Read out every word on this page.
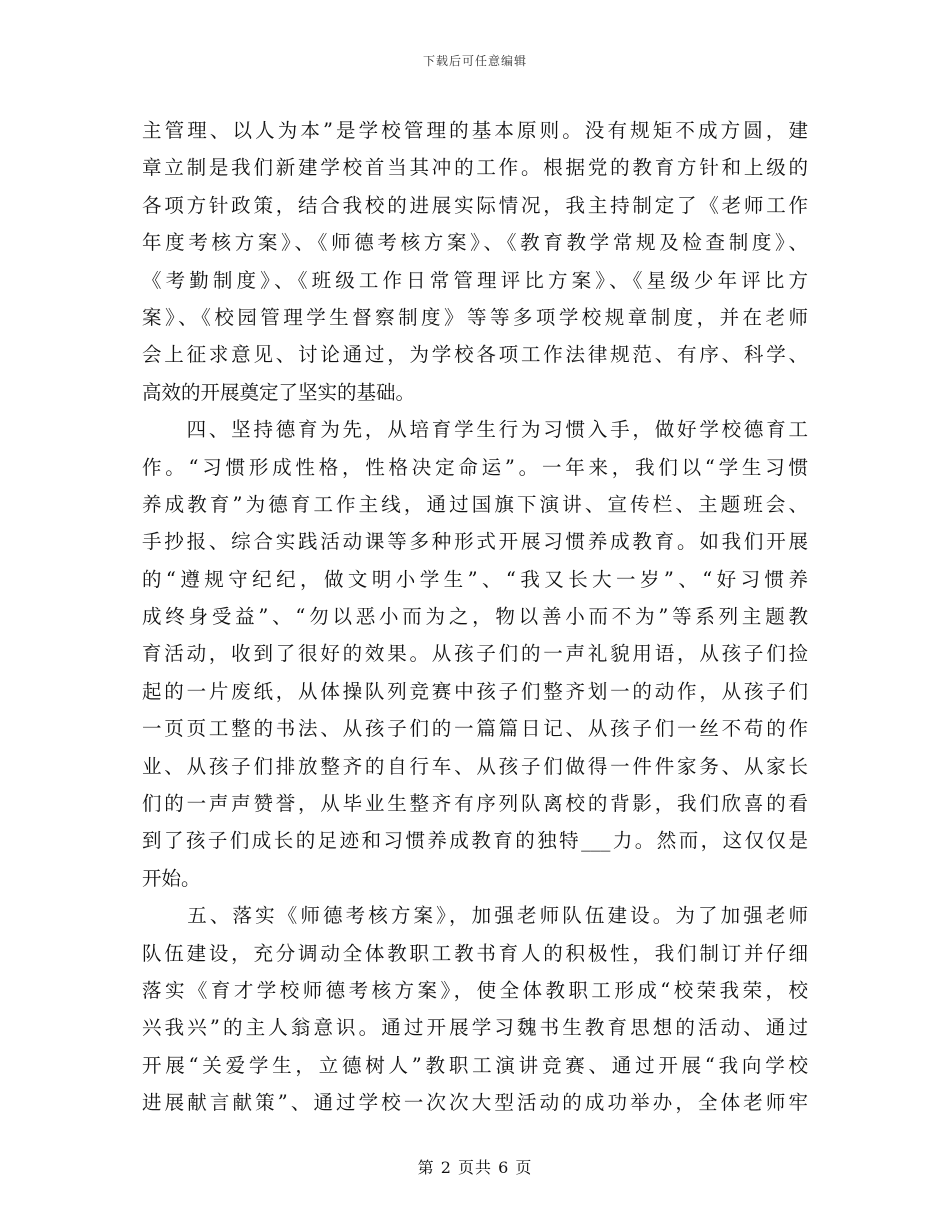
下载后可任意编辑
主管理、以人为本”是学校管理的基本原则。没有规矩不成方圆，建
章立制是我们新建学校首当其冲的工作。根据党的教育方针和上级的
各项方针政策，结合我校的进展实际情况，我主持制定了《老师工作
年度考核方案》、《师德考核方案》、《教育教学常规及检查制度》、
《考勤制度》、《班级工作日常管理评比方案》、《星级少年评比方
案》、《校园管理学生督察制度》等等多项学校规章制度，并在老师
会上征求意见、讨论通过，为学校各项工作法律规范、有序、科学、
高效的开展奠定了坚实的基础。
　　四、坚持德育为先，从培育学生行为习惯入手，做好学校德育工
作。“习惯形成性格，性格决定命运”。一年来，我们以“学生习惯
养成教育”为德育工作主线，通过国旗下演讲、宣传栏、主题班会、
手抄报、综合实践活动课等多种形式开展习惯养成教育。如我们开展
的“遵规守纪纪，做文明小学生”、“我又长大一岁”、“好习惯养
成终身受益”、“勿以恶小而为之，物以善小而不为”等系列主题教
育活动，收到了很好的效果。从孩子们的一声礼貌用语，从孩子们捡
起的一片废纸，从体操队列竞赛中孩子们整齐划一的动作，从孩子们
一页页工整的书法、从孩子们的一篇篇日记、从孩子们一丝不苟的作
业、从孩子们排放整齐的自行车、从孩子们做得一件件家务、从家长
们的一声声赞誉，从毕业生整齐有序列队离校的背影，我们欣喜的看
到了孩子们成长的足迹和习惯养成教育的独特___力。然而，这仅仅是
开始。
　　五、落实《师德考核方案》，加强老师队伍建设。为了加强老师
队伍建设，充分调动全体教职工教书育人的积极性，我们制订并仔细
落实《育才学校师德考核方案》，使全体教职工形成“校荣我荣，校
兴我兴”的主人翁意识。通过开展学习魏书生教育思想的活动、通过
开展“关爱学生，立德树人”教职工演讲竞赛、通过开展“我向学校
进展献言献策”、通过学校一次次大型活动的成功举办，全体老师牢
第 2 页共 6 页
